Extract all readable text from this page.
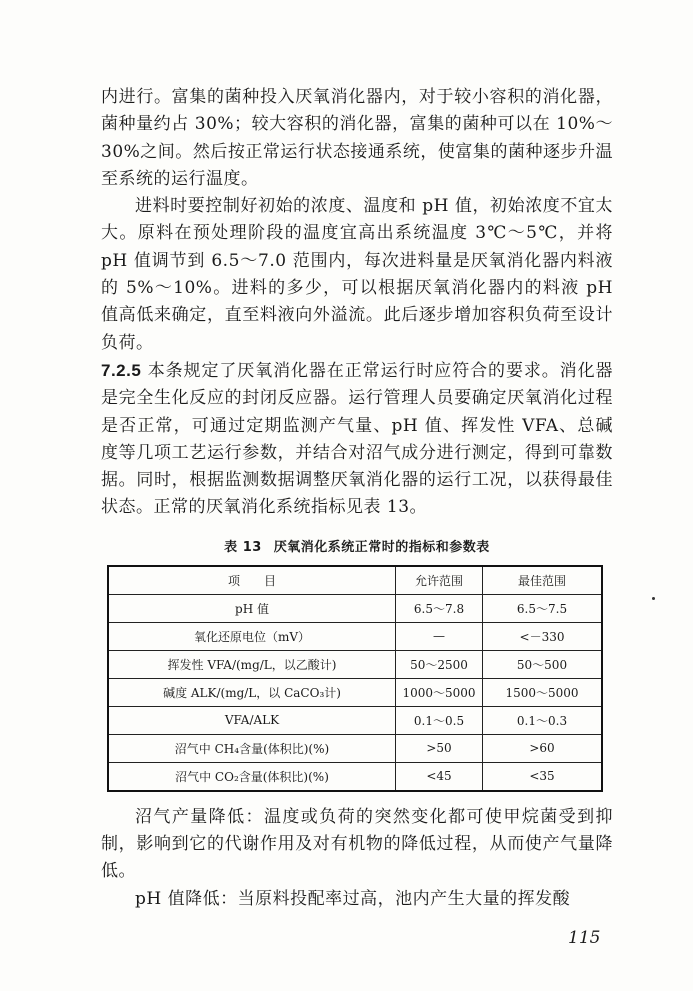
内进行。富集的菌种投入厌氧消化器内，对于较小容积的消化器，菌种量约占 30%；较大容积的消化器，富集的菌种可以在 10%～30%之间。然后按正常运行状态接通系统，使富集的菌种逐步升温至系统的运行温度。

进料时要控制好初始的浓度、温度和 pH 值，初始浓度不宜太大。原料在预处理阶段的温度宜高出系统温度 3℃～5℃，并将 pH 值调节到 6.5～7.0 范围内，每次进料量是厌氧消化器内料液的 5%～10%。进料的多少，可以根据厌氧消化器内的料液 pH 值高低来确定，直至料液向外溢流。此后逐步增加容积负荷至设计负荷。

7.2.5 本条规定了厌氧消化器在正常运行时应符合的要求。消化器是完全生化反应的封闭反应器。运行管理人员要确定厌氧消化过程是否正常，可通过定期监测产气量、pH 值、挥发性 VFA、总碱度等几项工艺运行参数，并结合对沼气成分进行测定，得到可靠数据。同时，根据监测数据调整厌氧消化器的运行工况，以获得最佳状态。正常的厌氧消化系统指标见表 13。

表 13 厌氧消化系统正常时的指标和参数表
项　　目	允许范围	最佳范围
pH 值	6.5～7.8	6.5～7.5
氧化还原电位（mV）	—	<－330
挥发性 VFA/(mg/L，以乙酸计)	50～2500	50～500
碱度 ALK/(mg/L，以 CaCO₃计)	1000～5000	1500～5000
VFA/ALK	0.1～0.5	0.1～0.3
沼气中 CH₄含量(体积比)(%)	>50	>60
沼气中 CO₂含量(体积比)(%)	<45	<35

沼气产量降低：温度或负荷的突然变化都可使甲烷菌受到抑制，影响到它的代谢作用及对有机物的降低过程，从而使产气量降低。

pH 值降低：当原料投配率过高，池内产生大量的挥发酸

115
